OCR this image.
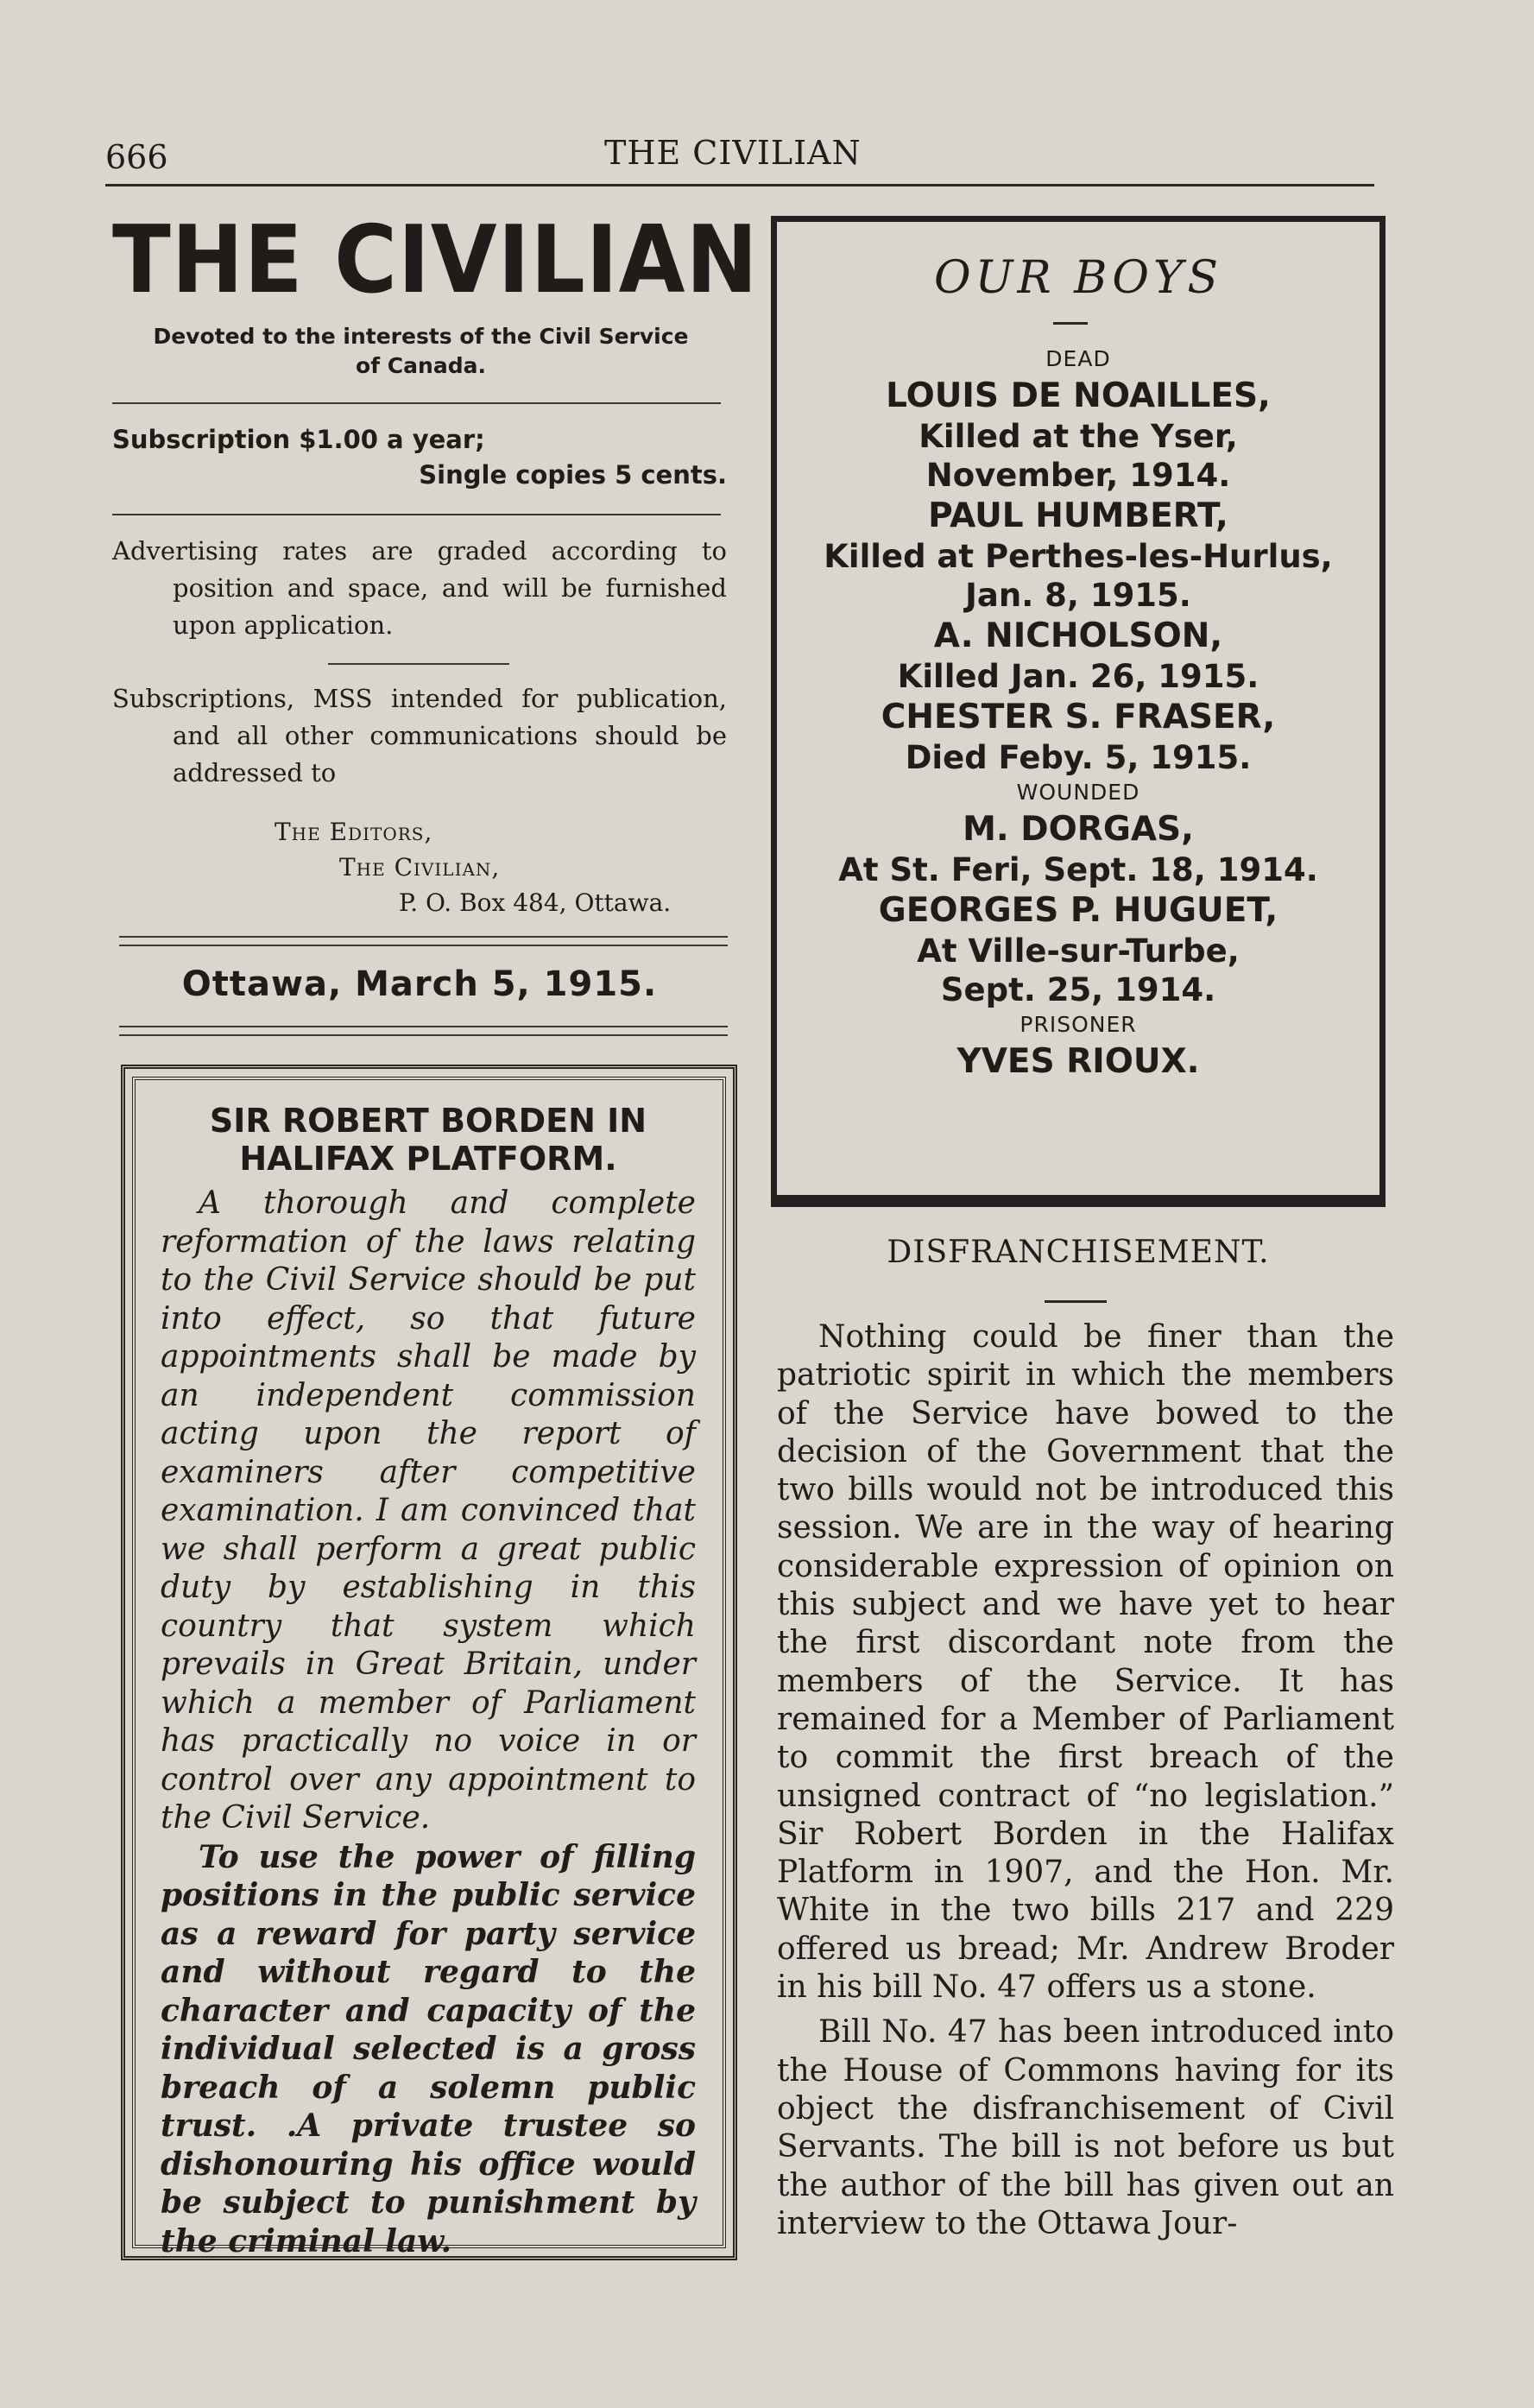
666	THE CIVILIAN
THE CIVILIAN
Devoted to the interests of the Civil Service
of Canada.
Subscription $1.00 a year;
Single copies 5 cents.

Advertising rates are graded according to position and space, and will be furnished upon application.

Subscriptions, MSS intended for publication, and all other communications should be addressed to

The Editors,
The Civilian,
P. O. Box 484, Ottawa.
Ottawa, March 5, 1915.
SIR ROBERT BORDEN IN
HALIFAX PLATFORM.

A thorough and complete reformation of the laws relating to the Civil Service should be put into effect, so that future appointments shall be made by an independent commission acting upon the report of examiners after competitive examination. I am convinced that we shall perform a great public duty by establishing in this country that system which prevails in Great Britain, under which a member of Parliament has practically no voice in or control over any appointment to the Civil Service.

To use the power of filling positions in the public service as a reward for party service and without regard to the character and capacity of the individual selected is a gross breach of a solemn public trust. .A private trustee so dishonouring his office would be subject to punishment by the criminal law.

OUR BOYS
DEAD
LOUIS DE NOAILLES,
Killed at the Yser,
November, 1914.
PAUL HUMBERT,
Killed at Perthes-les-Hurlus,
Jan. 8, 1915.
A. NICHOLSON,
Killed Jan. 26, 1915.
CHESTER S. FRASER,
Died Feby. 5, 1915.
WOUNDED
M. DORGAS,
At St. Feri, Sept. 18, 1914.
GEORGES P. HUGUET,
At Ville-sur-Turbe,
Sept. 25, 1914.
PRISONER
YVES RIOUX.
DISFRANCHISEMENT.

Nothing could be finer than the patriotic spirit in which the members of the Service have bowed to the decision of the Government that the two bills would not be introduced this session. We are in the way of hearing considerable expression of opinion on this subject and we have yet to hear the first discordant note from the members of the Service. It has remained for a Member of Parliament to commit the first breach of the unsigned contract of “no legislation.” Sir Robert Borden in the Halifax Platform in 1907, and the Hon. Mr. White in the two bills 217 and 229 offered us bread; Mr. Andrew Broder in his bill No. 47 offers us a stone.

Bill No. 47 has been introduced into the House of Commons having for its object the disfranchisement of Civil Servants. The bill is not before us but the author of the bill has given out an interview to the Ottawa Jour-
